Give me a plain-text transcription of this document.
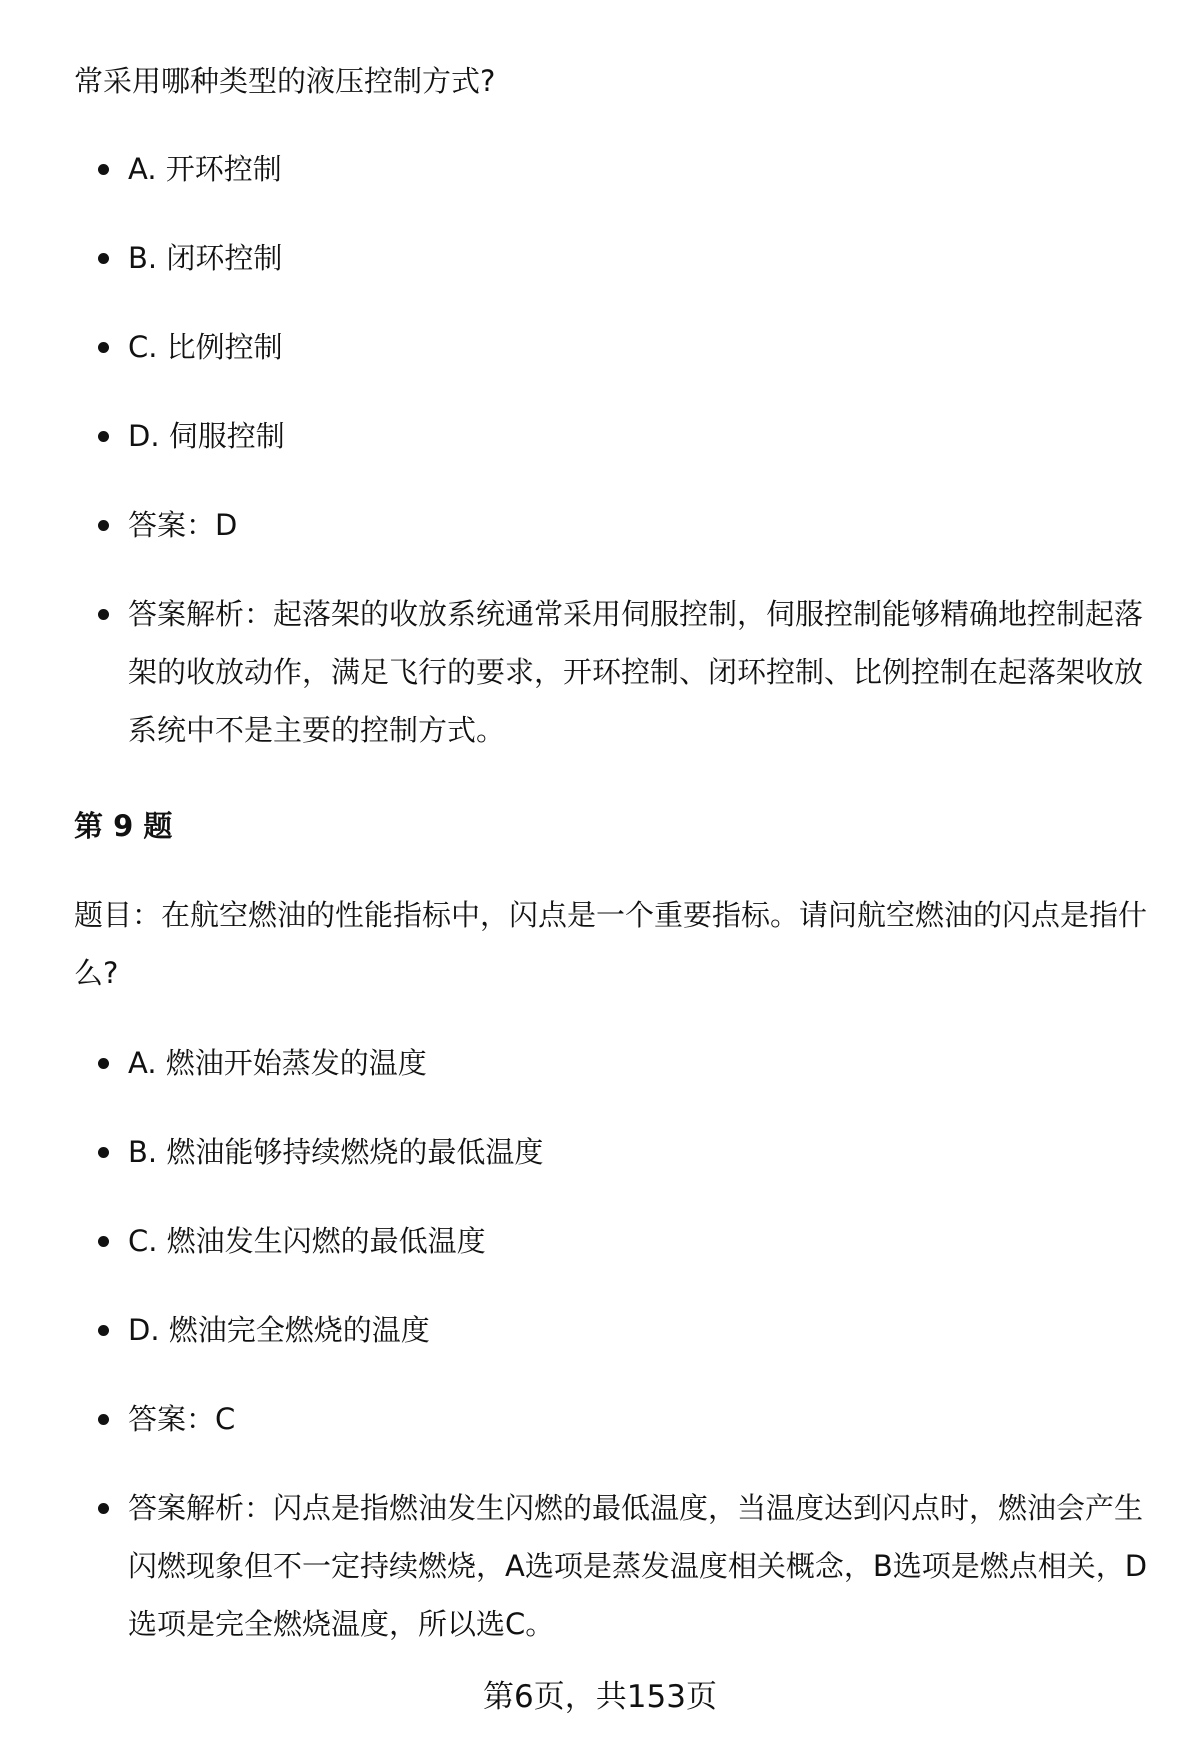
常采用哪种类型的液压控制方式?

A. 开环控制
B. 闭环控制
C. 比例控制
D. 伺服控制
答案：D
答案解析：起落架的收放系统通常采用伺服控制，伺服控制能够精确地控制起落架的收放动作，满足飞行的要求，开环控制、闭环控制、比例控制在起落架收放系统中不是主要的控制方式。

第 9 题

题目：在航空燃油的性能指标中，闪点是一个重要指标。请问航空燃油的闪点是指什么?

A. 燃油开始蒸发的温度
B. 燃油能够持续燃烧的最低温度
C. 燃油发生闪燃的最低温度
D. 燃油完全燃烧的温度
答案：C
答案解析：闪点是指燃油发生闪燃的最低温度，当温度达到闪点时，燃油会产生闪燃现象但不一定持续燃烧，A选项是蒸发温度相关概念，B选项是燃点相关，D选项是完全燃烧温度，所以选C。

第6页，共153页
